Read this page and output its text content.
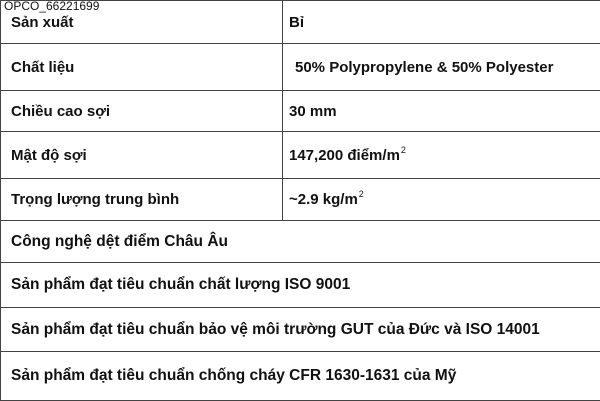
Sản xuất	Bỉ
Chất liệu	50% Polypropylene & 50% Polyester
Chiều cao sợi	30 mm
Mật độ sợi	147,200 điểm/$m^2$
Trọng lượng trung bình	~2.9 $kg/m^2$
Công nghệ dệt điểm Châu Âu	
Sản phẩm đạt tiêu chuẩn chất lượng ISO 9001	
Sản phẩm đạt tiêu chuẩn bảo vệ môi trường GUT của Đức và ISO 14001	
Sản phẩm đạt tiêu chuẩn chống cháy CFR 1630-1631 của Mỹ	
OPCO_66221699
